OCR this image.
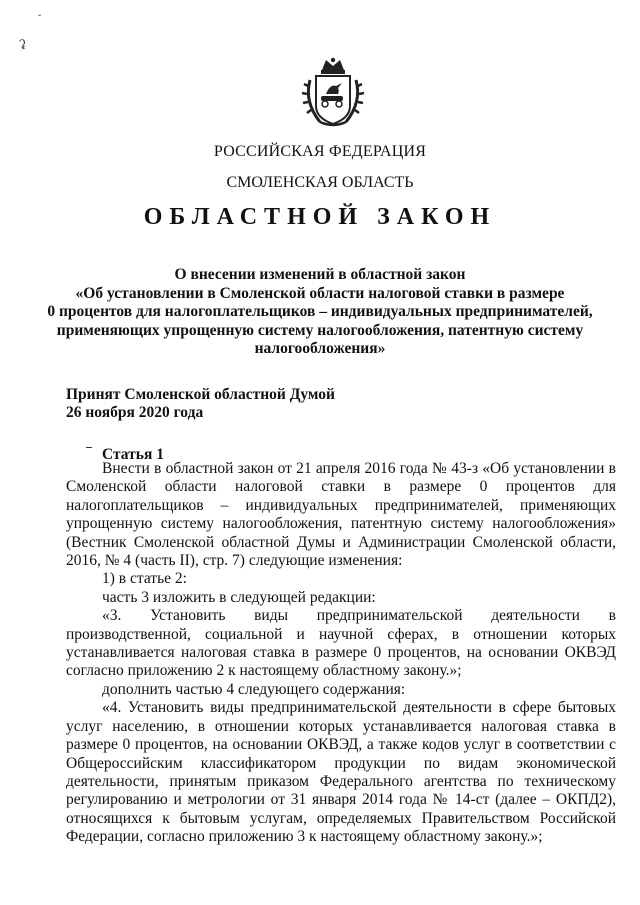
ˇ
ʡ
РОССИЙСКАЯ ФЕДЕРАЦИЯ
СМОЛЕНСКАЯ ОБЛАСТЬ
ОБЛАСТНОЙ ЗАКОН
О внесении изменений в областной закон
«Об установлении в Смоленской области налоговой ставки в размере
0 процентов для налогоплательщиков – индивидуальных предпринимателей,
применяющих упрощенную систему налогообложения, патентную систему
налогообложения»
Принят Смоленской областной Думой
26 ноября 2020 года
Статья 1

Внести в областной закон от 21 апреля 2016 года № 43-з «Об установлении в Смоленской области налоговой ставки в размере 0 процентов для налогоплательщиков – индивидуальных предпринимателей, применяющих упрощенную систему налогообложения, патентную систему налогообложения» (Вестник Смоленской областной Думы и Администрации Смоленской области, 2016, № 4 (часть II), стр. 7) следующие изменения:

1) в статье 2:

часть 3 изложить в следующей редакции:

«3. Установить виды предпринимательской деятельности в производственной, социальной и научной сферах, в отношении которых устанавливается налоговая ставка в размере 0 процентов, на основании ОКВЭД согласно приложению 2 к настоящему областному закону.»;

дополнить частью 4 следующего содержания:

«4. Установить виды предпринимательской деятельности в сфере бытовых услуг населению, в отношении которых устанавливается налоговая ставка в размере 0 процентов, на основании ОКВЭД, а также кодов услуг в соответствии с Общероссийским классификатором продукции по видам экономической деятельности, принятым приказом Федерального агентства по техническому регулированию и метрологии от 31 января 2014 года № 14-ст (далее – ОКПД2), относящихся к бытовым услугам, определяемых Правительством Российской Федерации, согласно приложению 3 к настоящему областному закону.»;
